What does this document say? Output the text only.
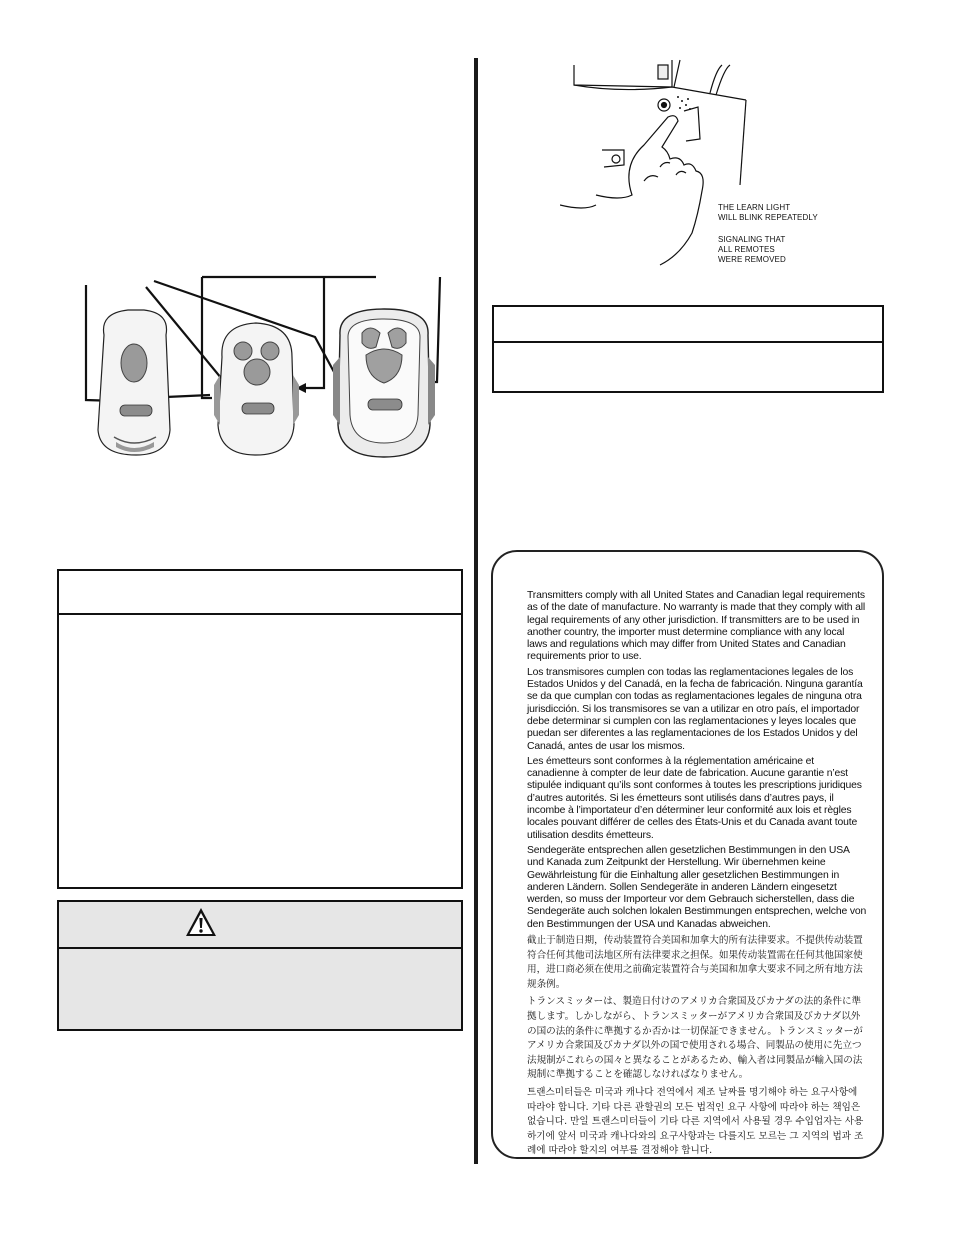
THE LEARN LIGHT
WILL BLINK REPEATEDLY
SIGNALING THAT
ALL REMOTES
WERE REMOVED

Transmitters comply with all United States and Canadian legal requirements as of the date of manufacture. No warranty is made that they comply with all legal requirements of any other jurisdiction. If transmitters are to be used in another country, the importer must determine compliance with any local laws and regulations which may differ from United States and Canadian requirements prior to use.

Los transmisores cumplen con todas las reglamentaciones legales de los Estados Unidos y del Canadá, en la fecha de fabricación. Ninguna garantía se da que cumplan con todas as reglamentaciones legales de ninguna otra jurisdicción. Si los transmisores se van a utilizar en otro país, el importador debe determinar si cumplen con las reglamentaciones y leyes locales que puedan ser diferentes a las reglamentaciones de los Estados Unidos y del Canadá, antes de usar los mismos.

Les émetteurs sont conformes à la réglementation américaine et canadienne à compter de leur date de fabrication. Aucune garantie n’est stipulée indiquant qu’ils sont conformes à toutes les prescriptions juridiques d’autres autorités. Si les émetteurs sont utilisés dans d’autres pays, il incombe à l’importateur d’en déterminer leur conformité aux lois et règles locales pouvant différer de celles des États-Unis et du Canada avant toute utilisation desdits émetteurs.

Sendegeräte entsprechen allen gesetzlichen Bestimmungen in den USA und Kanada zum Zeitpunkt der Herstellung. Wir übernehmen keine Gewährleistung für die Einhaltung aller gesetzlichen Bestimmungen in anderen Ländern. Sollen Sendegeräte in anderen Ländern eingesetzt werden, so muss der Importeur vor dem Gebrauch sicherstellen, dass die Sendegeräte auch solchen lokalen Bestimmungen entsprechen, welche von den Bestimmungen der USA und Kanadas abweichen.

截止于制造日期，传动装置符合美国和加拿大的所有法律要求。不提供传动装置符合任何其他司法地区所有法律要求之担保。如果传动装置需在任何其他国家使用，进口商必须在使用之前确定装置符合与美国和加拿大要求不同之所有地方法规条例。

トランスミッターは、製造日付けのアメリカ合衆国及びカナダの法的条件に準拠します。しかしながら、トランスミッターがアメリカ合衆国及びカナダ以外の国の法的条件に準拠するか否かは一切保証できません。トランスミッターがアメリカ合衆国及びカナダ以外の国で使用される場合、同製品の使用に先立つ法規制がこれらの国々と異なることがあるため、輸入者は同製品が輸入国の法規制に準拠することを確認しなければなりません。

트랜스미터들은 미국과 캐나다 전역에서 제조 날짜를 명기해야 하는 요구사항에 따라야 합니다. 기타 다른 관할권의 모든 법적인 요구 사항에 따라야 하는 책임은 없습니다. 만일 트랜스미터들이 기타 다른 지역에서 사용될 경우 수입업자는 사용하기에 앞서 미국과 캐나다와의 요구사항과는 다를지도 모르는 그 지역의 법과 조례에 따라야 할지의 여부를 결정해야 합니다.
